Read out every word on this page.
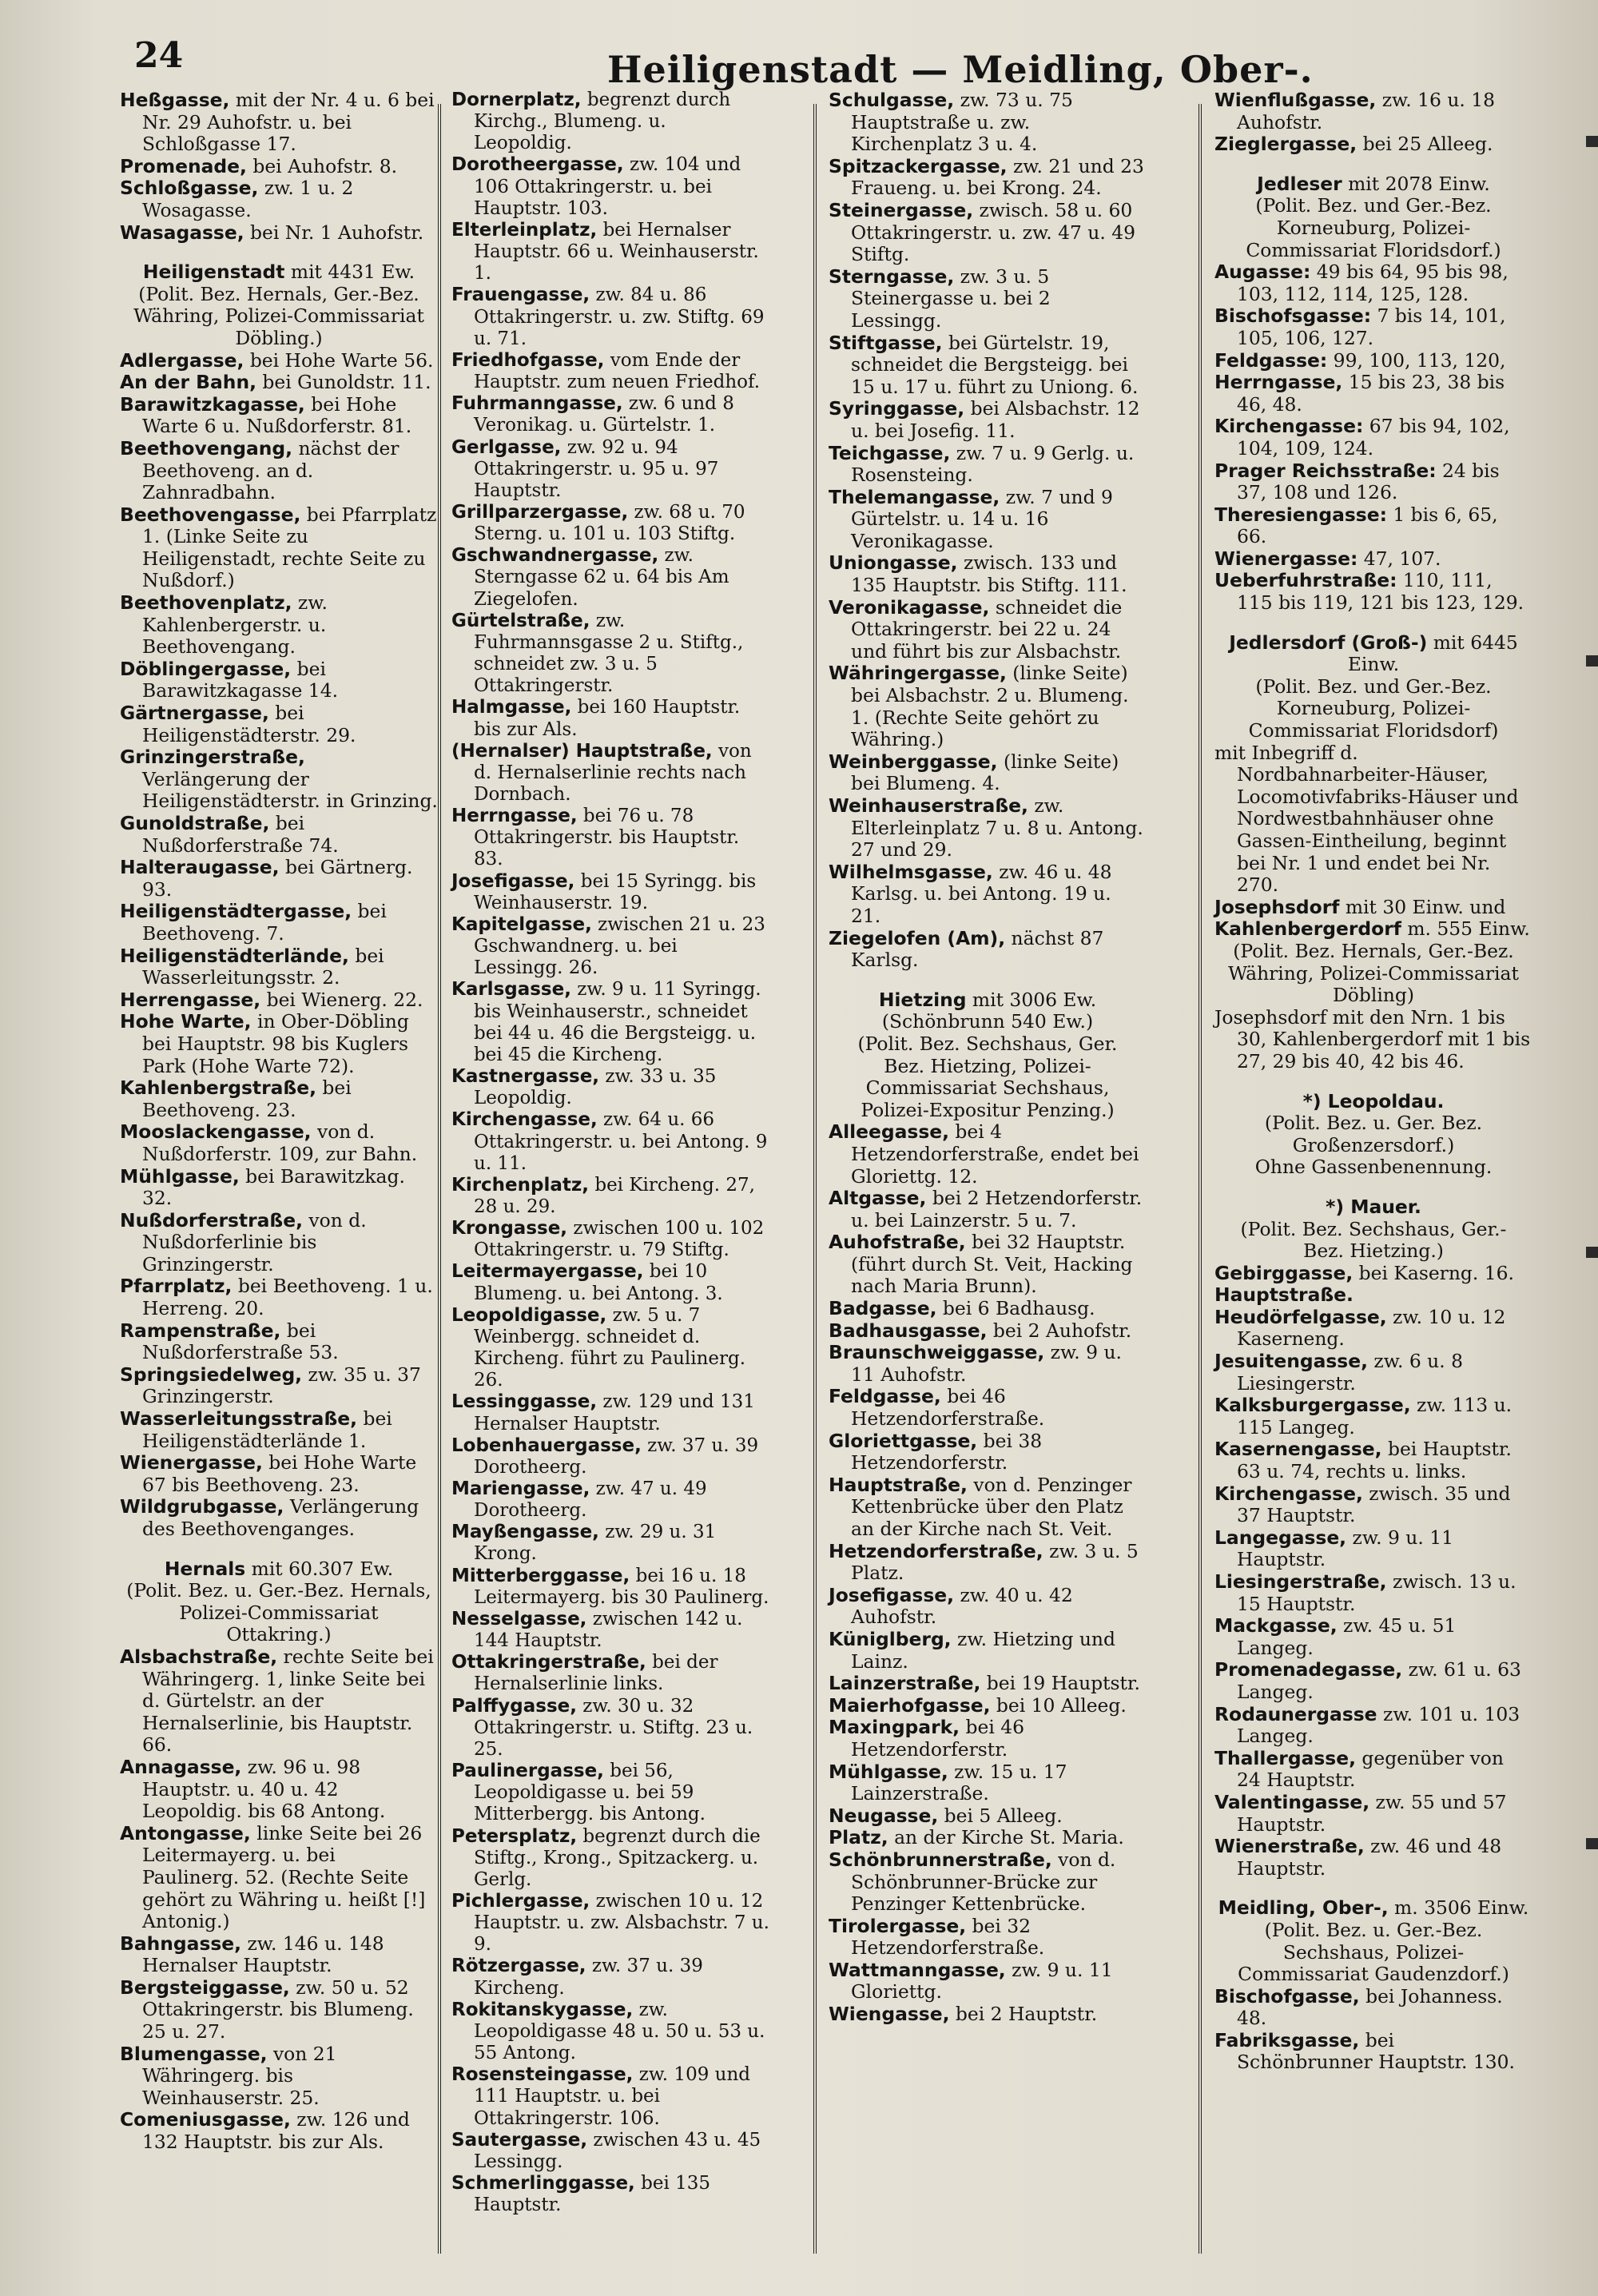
24	Heiligenstadt — Meidling, Ober-.
Heßgasse, mit der Nr. 4 u. 6 bei Nr. 29 Auhofstr. u. bei Schloßgasse 17.
Promenade, bei Auhofstr. 8.
Schloßgasse, zw. 1 u. 2 Wosagasse.
Wasagasse, bei Nr. 1 Auhofstr.
Heiligenstadt mit 4431 Ew.
(Polit. Bez. Hernals, Ger.-Bez. Währing, Polizei-Commissariat Döbling.)
Adlergasse, bei Hohe Warte 56.
An der Bahn, bei Gunoldstr. 11.
Barawitzkagasse, bei Hohe Warte 6 u. Nußdorferstr. 81.
Beethovengang, nächst der Beethoveng. an d. Zahnradbahn.
Beethovengasse, bei Pfarrplatz 1. (Linke Seite zu Heiligenstadt, rechte Seite zu Nußdorf.)
Beethovenplatz, zw. Kahlenbergerstr. u. Beethovengang.
Döblingergasse, bei Barawitzkagasse 14.
Gärtnergasse, bei Heiligenstädterstr. 29.
Grinzingerstraße, Verlängerung der Heiligenstädterstr. in Grinzing.
Gunoldstraße, bei Nußdorferstraße 74.
Halteraugasse, bei Gärtnerg. 93.
Heiligenstädtergasse, bei Beethoveng. 7.
Heiligenstädterlände, bei Wasserleitungsstr. 2.
Herrengasse, bei Wienerg. 22.
Hohe Warte, in Ober-Döbling bei Hauptstr. 98 bis Kuglers Park (Hohe Warte 72).
Kahlenbergstraße, bei Beethoveng. 23.
Mooslackengasse, von d. Nußdorferstr. 109, zur Bahn.
Mühlgasse, bei Barawitzkag. 32.
Nußdorferstraße, von d. Nußdorferlinie bis Grinzingerstr.
Pfarrplatz, bei Beethoveng. 1 u. Herreng. 20.
Rampenstraße, bei Nußdorferstraße 53.
Springsiedelweg, zw. 35 u. 37 Grinzingerstr.
Wasserleitungsstraße, bei Heiligenstädterlände 1.
Wienergasse, bei Hohe Warte 67 bis Beethoveng. 23.
Wildgrubgasse, Verlängerung des Beethovenganges.
Hernals mit 60.307 Ew.
(Polit. Bez. u. Ger.-Bez. Hernals, Polizei-Commissariat Ottakring.)
Alsbachstraße, rechte Seite bei Währingerg. 1, linke Seite bei d. Gürtelstr. an der Hernalserlinie, bis Hauptstr. 66.
Annagasse, zw. 96 u. 98 Hauptstr. u. 40 u. 42 Leopoldig. bis 68 Antong.
Antongasse, linke Seite bei 26 Leitermayerg. u. bei Paulinerg. 52. (Rechte Seite gehört zu Währing u. heißt [!] Antonig.)
Bahngasse, zw. 146 u. 148 Hernalser Hauptstr.
Bergsteiggasse, zw. 50 u. 52 Ottakringerstr. bis Blumeng. 25 u. 27.
Blumengasse, von 21 Währingerg. bis Weinhauserstr. 25.
Comeniusgasse, zw. 126 und 132 Hauptstr. bis zur Als.
Dornerplatz, begrenzt durch Kirchg., Blumeng. u. Leopoldig.
Dorotheergasse, zw. 104 und 106 Ottakringerstr. u. bei Hauptstr. 103.
Elterleinplatz, bei Hernalser Hauptstr. 66 u. Weinhauserstr. 1.
Frauengasse, zw. 84 u. 86 Ottakringerstr. u. zw. Stiftg. 69 u. 71.
Friedhofgasse, vom Ende der Hauptstr. zum neuen Friedhof.
Fuhrmanngasse, zw. 6 und 8 Veronikag. u. Gürtelstr. 1.
Gerlgasse, zw. 92 u. 94 Ottakringerstr. u. 95 u. 97 Hauptstr.
Grillparzergasse, zw. 68 u. 70 Sterng. u. 101 u. 103 Stiftg.
Gschwandnergasse, zw. Sterngasse 62 u. 64 bis Am Ziegelofen.
Gürtelstraße, zw. Fuhrmannsgasse 2 u. Stiftg., schneidet zw. 3 u. 5 Ottakringerstr.
Halmgasse, bei 160 Hauptstr. bis zur Als.
(Hernalser) Hauptstraße, von d. Hernalserlinie rechts nach Dornbach.
Herrngasse, bei 76 u. 78 Ottakringerstr. bis Hauptstr. 83.
Josefigasse, bei 15 Syringg. bis Weinhauserstr. 19.
Kapitelgasse, zwischen 21 u. 23 Gschwandnerg. u. bei Lessingg. 26.
Karlsgasse, zw. 9 u. 11 Syringg. bis Weinhauserstr., schneidet bei 44 u. 46 die Bergsteigg. u. bei 45 die Kircheng.
Kastnergasse, zw. 33 u. 35 Leopoldig.
Kirchengasse, zw. 64 u. 66 Ottakringerstr. u. bei Antong. 9 u. 11.
Kirchenplatz, bei Kircheng. 27, 28 u. 29.
Krongasse, zwischen 100 u. 102 Ottakringerstr. u. 79 Stiftg.
Leitermayergasse, bei 10 Blumeng. u. bei Antong. 3.
Leopoldigasse, zw. 5 u. 7 Weinbergg. schneidet d. Kircheng. führt zu Paulinerg. 26.
Lessinggasse, zw. 129 und 131 Hernalser Hauptstr.
Lobenhauergasse, zw. 37 u. 39 Dorotheerg.
Mariengasse, zw. 47 u. 49 Dorotheerg.
Mayßengasse, zw. 29 u. 31 Krong.
Mitterberggasse, bei 16 u. 18 Leitermayerg. bis 30 Paulinerg.
Nesselgasse, zwischen 142 u. 144 Hauptstr.
Ottakringerstraße, bei der Hernalserlinie links.
Palffygasse, zw. 30 u. 32 Ottakringerstr. u. Stiftg. 23 u. 25.
Paulinergasse, bei 56, Leopoldigasse u. bei 59 Mitterbergg. bis Antong.
Petersplatz, begrenzt durch die Stiftg., Krong., Spitzackerg. u. Gerlg.
Pichlergasse, zwischen 10 u. 12 Hauptstr. u. zw. Alsbachstr. 7 u. 9.
Rötzergasse, zw. 37 u. 39 Kircheng.
Rokitanskygasse, zw. Leopoldigasse 48 u. 50 u. 53 u. 55 Antong.
Rosensteingasse, zw. 109 und 111 Hauptstr. u. bei Ottakringerstr. 106.
Sautergasse, zwischen 43 u. 45 Lessingg.
Schmerlinggasse, bei 135 Hauptstr.
Schulgasse, zw. 73 u. 75 Hauptstraße u. zw. Kirchenplatz 3 u. 4.
Spitzackergasse, zw. 21 und 23 Fraueng. u. bei Krong. 24.
Steinergasse, zwisch. 58 u. 60 Ottakringerstr. u. zw. 47 u. 49 Stiftg.
Sterngasse, zw. 3 u. 5 Steinergasse u. bei 2 Lessingg.
Stiftgasse, bei Gürtelstr. 19, schneidet die Bergsteigg. bei 15 u. 17 u. führt zu Uniong. 6.
Syringgasse, bei Alsbachstr. 12 u. bei Josefig. 11.
Teichgasse, zw. 7 u. 9 Gerlg. u. Rosensteing.
Thelemangasse, zw. 7 und 9 Gürtelstr. u. 14 u. 16 Veronikagasse.
Uniongasse, zwisch. 133 und 135 Hauptstr. bis Stiftg. 111.
Veronikagasse, schneidet die Ottakringerstr. bei 22 u. 24 und führt bis zur Alsbachstr.
Währingergasse, (linke Seite) bei Alsbachstr. 2 u. Blumeng. 1. (Rechte Seite gehört zu Währing.)
Weinberggasse, (linke Seite) bei Blumeng. 4.
Weinhauserstraße, zw. Elterleinplatz 7 u. 8 u. Antong. 27 und 29.
Wilhelmsgasse, zw. 46 u. 48 Karlsg. u. bei Antong. 19 u. 21.
Ziegelofen (Am), nächst 87 Karlsg.
Hietzing mit 3006 Ew. (Schönbrunn 540 Ew.)
(Polit. Bez. Sechshaus, Ger. Bez. Hietzing, Polizei-Commissariat Sechshaus, Polizei-Expositur Penzing.)
Alleegasse, bei 4 Hetzendorferstraße, endet bei Gloriettg. 12.
Altgasse, bei 2 Hetzendorferstr. u. bei Lainzerstr. 5 u. 7.
Auhofstraße, bei 32 Hauptstr. (führt durch St. Veit, Hacking nach Maria Brunn).
Badgasse, bei 6 Badhausg.
Badhausgasse, bei 2 Auhofstr.
Braunschweiggasse, zw. 9 u. 11 Auhofstr.
Feldgasse, bei 46 Hetzendorferstraße.
Gloriettgasse, bei 38 Hetzendorferstr.
Hauptstraße, von d. Penzinger Kettenbrücke über den Platz an der Kirche nach St. Veit.
Hetzendorferstraße, zw. 3 u. 5 Platz.
Josefigasse, zw. 40 u. 42 Auhofstr.
Küniglberg, zw. Hietzing und Lainz.
Lainzerstraße, bei 19 Hauptstr.
Maierhofgasse, bei 10 Alleeg.
Maxingpark, bei 46 Hetzendorferstr.
Mühlgasse, zw. 15 u. 17 Lainzerstraße.
Neugasse, bei 5 Alleeg.
Platz, an der Kirche St. Maria.
Schönbrunnerstraße, von d. Schönbrunner-Brücke zur Penzinger Kettenbrücke.
Tirolergasse, bei 32 Hetzendorferstraße.
Wattmanngasse, zw. 9 u. 11 Gloriettg.
Wiengasse, bei 2 Hauptstr.
Wienflußgasse, zw. 16 u. 18 Auhofstr.
Zieglergasse, bei 25 Alleeg.
Jedleser mit 2078 Einw.
(Polit. Bez. und Ger.-Bez. Korneuburg, Polizei-Commissariat Floridsdorf.)
Augasse: 49 bis 64, 95 bis 98, 103, 112, 114, 125, 128.
Bischofsgasse: 7 bis 14, 101, 105, 106, 127.
Feldgasse: 99, 100, 113, 120,
Herrngasse, 15 bis 23, 38 bis 46, 48.
Kirchengasse: 67 bis 94, 102, 104, 109, 124.
Prager Reichsstraße: 24 bis 37, 108 und 126.
Theresiengasse: 1 bis 6, 65, 66.
Wienergasse: 47, 107.
Ueberfuhrstraße: 110, 111, 115 bis 119, 121 bis 123, 129.
Jedlersdorf (Groß-) mit 6445 Einw.
(Polit. Bez. und Ger.-Bez. Korneuburg, Polizei-Commissariat Floridsdorf)
mit Inbegriff d. Nordbahnarbeiter-Häuser, Locomotivfabriks-Häuser und Nordwestbahnhäuser ohne Gassen-Eintheilung, beginnt bei Nr. 1 und endet bei Nr. 270.
Josephsdorf mit 30 Einw. und
Kahlenbergerdorf m. 555 Einw.
(Polit. Bez. Hernals, Ger.-Bez. Währing, Polizei-Commissariat Döbling)
Josephsdorf mit den Nrn. 1 bis 30, Kahlenbergerdorf mit 1 bis 27, 29 bis 40, 42 bis 46.
*) Leopoldau.
(Polit. Bez. u. Ger. Bez. Großenzersdorf.)
Ohne Gassenbenennung.
*) Mauer.
(Polit. Bez. Sechshaus, Ger.-Bez. Hietzing.)
Gebirggasse, bei Kaserng. 16.
Hauptstraße.
Heudörfelgasse, zw. 10 u. 12 Kaserneng.
Jesuitengasse, zw. 6 u. 8 Liesingerstr.
Kalksburgergasse, zw. 113 u. 115 Langeg.
Kasernengasse, bei Hauptstr. 63 u. 74, rechts u. links.
Kirchengasse, zwisch. 35 und 37 Hauptstr.
Langegasse, zw. 9 u. 11 Hauptstr.
Liesingerstraße, zwisch. 13 u. 15 Hauptstr.
Mackgasse, zw. 45 u. 51 Langeg.
Promenadegasse, zw. 61 u. 63 Langeg.
Rodaunergasse zw. 101 u. 103 Langeg.
Thallergasse, gegenüber von 24 Hauptstr.
Valentingasse, zw. 55 und 57 Hauptstr.
Wienerstraße, zw. 46 und 48 Hauptstr.
Meidling, Ober-, m. 3506 Einw.
(Polit. Bez. u. Ger.-Bez. Sechshaus, Polizei-Commissariat Gaudenzdorf.)
Bischofgasse, bei Johanness. 48.
Fabriksgasse, bei Schönbrunner Hauptstr. 130.
